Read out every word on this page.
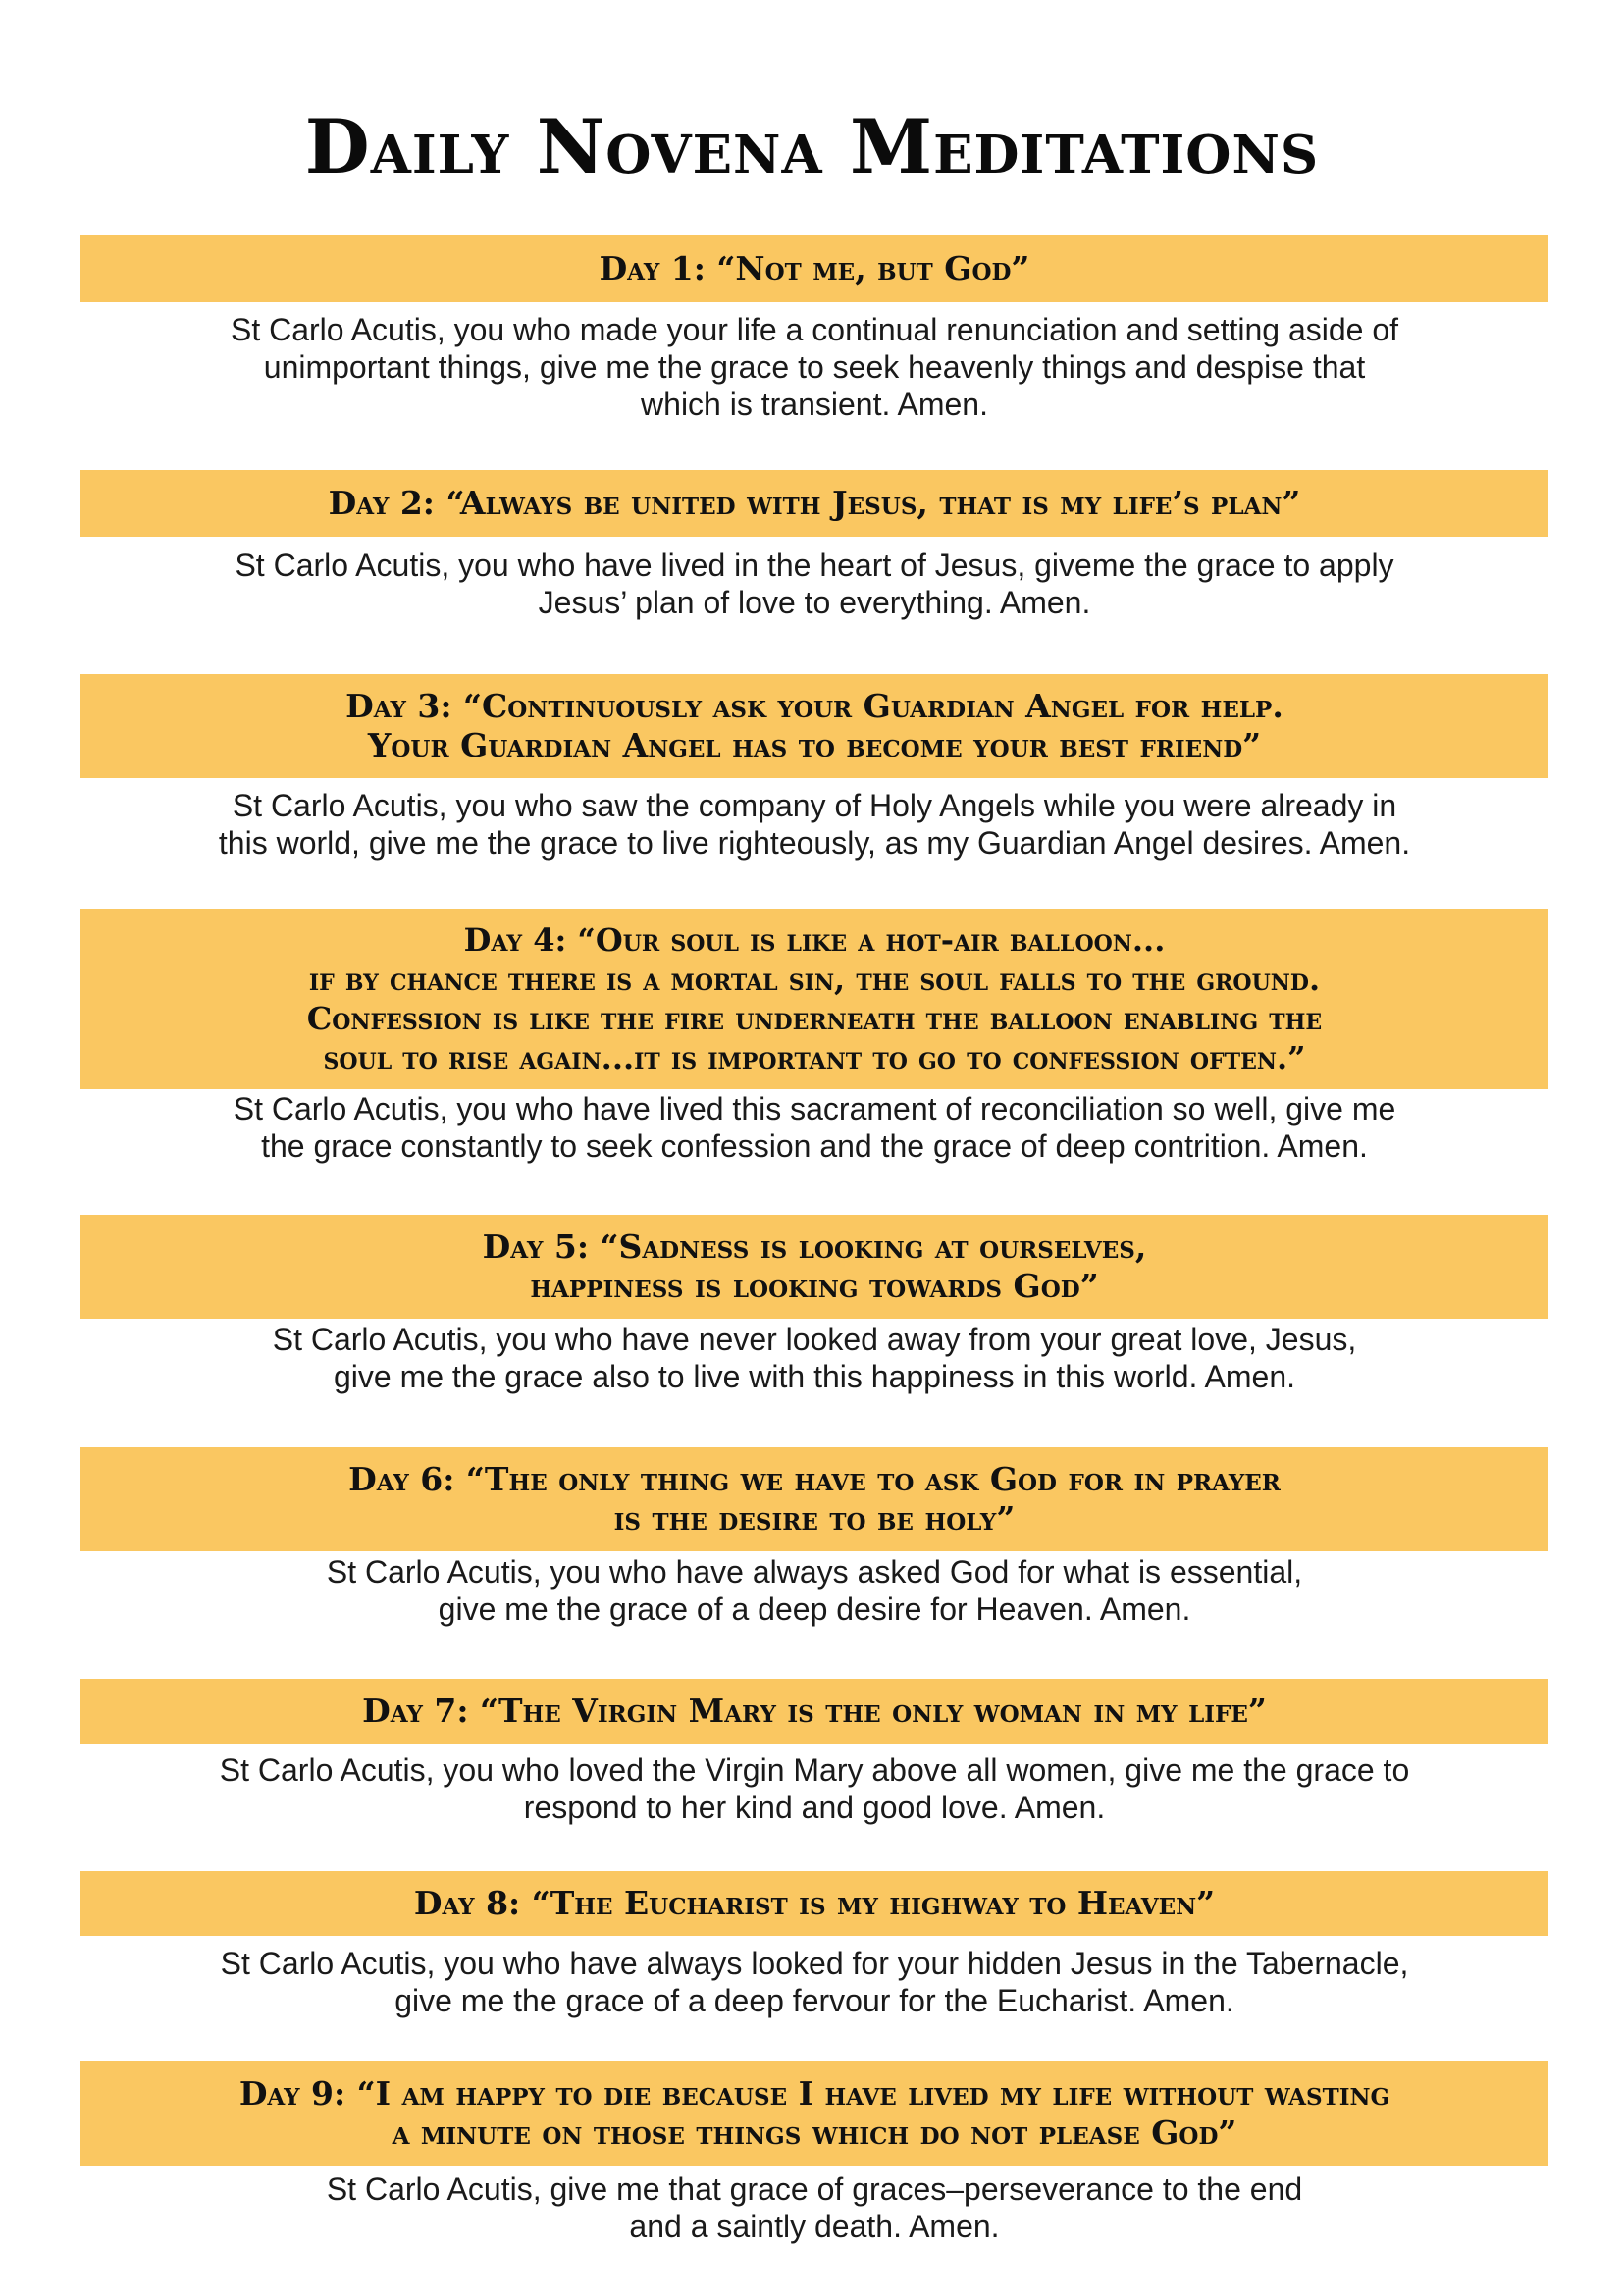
Daily Novena Meditations
Day 1: “Not me, but God”
St Carlo Acutis, you who made your life a continual renunciation and setting aside of
unimportant things, give me the grace to seek heavenly things and despise that
which is transient. Amen.
Day 2: “Always be united with Jesus, that is my life’s plan”
St Carlo Acutis, you who have lived in the heart of Jesus, giveme the grace to apply
Jesus’ plan of love to everything. Amen.
Day 3: “Continuously ask your Guardian Angel for help.
Your Guardian Angel has to become your best friend”
St Carlo Acutis, you who saw the company of Holy Angels while you were already in
this world, give me the grace to live righteously, as my Guardian Angel desires. Amen.
Day 4: “Our soul is like a hot-air balloon...
if by chance there is a mortal sin, the soul falls to the ground.
Confession is like the fire underneath the balloon enabling the
soul to rise again...it is important to go to confession often.”
St Carlo Acutis, you who have lived this sacrament of reconciliation so well, give me
the grace constantly to seek confession and the grace of deep contrition. Amen.
Day 5: “Sadness is looking at ourselves,
happiness is looking towards God”
St Carlo Acutis, you who have never looked away from your great love, Jesus,
give me the grace also to live with this happiness in this world. Amen.
Day 6: “The only thing we have to ask God for in prayer
is the desire to be holy”
St Carlo Acutis, you who have always asked God for what is essential,
give me the grace of a deep desire for Heaven. Amen.
Day 7: “The Virgin Mary is the only woman in my life”
St Carlo Acutis, you who loved the Virgin Mary above all women, give me the grace to
respond to her kind and good love. Amen.
Day 8: “The Eucharist is my highway to Heaven”
St Carlo Acutis, you who have always looked for your hidden Jesus in the Tabernacle,
give me the grace of a deep fervour for the Eucharist. Amen.
Day 9: “I am happy to die because I have lived my life without wasting
a minute on those things which do not please God”
St Carlo Acutis, give me that grace of graces–perseverance to the end
and a saintly death. Amen.
